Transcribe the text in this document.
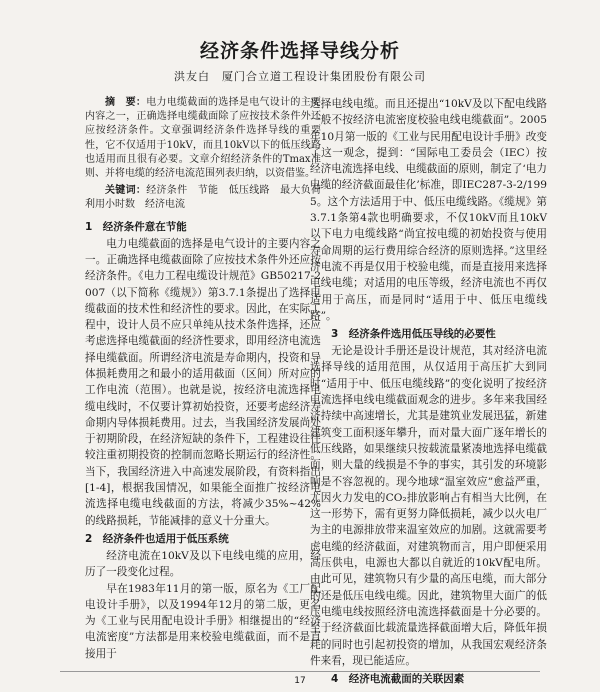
经济条件选择导线分析
洪友白　厦门合立道工程设计集团股份有限公司

摘　要：电力电缆截面的选择是电气设计的主要内容之一，正确选择电缆截面除了应按技术条件外还应按经济条件。文章强调经济条件选择导线的重要性，它不仅适用于10kV，而且10kV以下的低压线路也适用而且很有必要。文章介绍经济条件的Tmax准则、并将电缆的经济电流范围列表归纳，以资借鉴。

关键词：经济条件　节能　低压线路　最大负荷利用小时数　经济电流

1　经济条件意在节能

电力电缆截面的选择是电气设计的主要内容之一。正确选择电缆截面除了应按技术条件外还应按经济条件。《电力工程电缆设计规范》GB50217-2007（以下简称《缆规》）第3.7.1条提出了选择电缆截面的技术性和经济性的要求。因此，在实际工程中，设计人员不应只单纯从技术条件选择，还应考虑选择电缆截面的经济性要求，即用经济电流选择电缆截面。所谓经济电流是寿命期内，投资和导体损耗费用之和最小的适用截面（区间）所对应的工作电流（范围）。也就是说，按经济电流选择电缆电线时，不仅要计算初始投资，还要考虑经济寿命期内导体损耗费用。过去，当我国经济发展尚处于初期阶段，在经济短缺的条件下，工程建设往往较注重初期投资的控制而忽略长期运行的经济性。当下，我国经济进入中高速发展阶段，有资料指出[1-4]，根据我国情况，如果能全面推广按经济电流选择电缆电线截面的方法，将减少35%~42%的线路损耗，节能减排的意义十分重大。

2　经济条件也适用于低压系统

经济电流在10kV及以下电线电缆的应用，经历了一段变化过程。

早在1983年11月的第一版，原名为《工厂配电设计手册》，以及1994年12月的第二版，更名为《工业与民用配电设计手册》相继提出的“经济电流密度”方法都是用来校验电缆截面，而不是直接用于

选择电线电缆。而且还提出“10kV及以下配电线路一般不按经济电流密度校验电线电缆截面”。2005年10月第一版的《工业与民用配电设计手册》改变了这一观念，提到：“国际电工委员会（IEC）按经济电流选择电线、电缆截面的原则，制定了‘电力电缆的经济截面最佳化’标准，即IEC287-3-2/1995。这个方法适用于中、低压电缆线路。《缆规》第3.7.1条第4款也明确要求，不仅10kV而且10kV以下电力电缆线路“尚宜按电缆的初始投资与使用寿命周期的运行费用综合经济的原则选择。”这里经济电流不再是仅用于校验电缆，而是直接用来选择电线电缆；对适用的电压等级，经济电流也不再仅适用于高压，而是同时“适用于中、低压电缆线路”。

3　经济条件选用低压导线的必要性

无论是设计手册还是设计规范，其对经济电流选择导线的适用范围，从仅适用于高压扩大到同时“适用于中、低压电缆线路”的变化说明了按经济电流选择电线电缆截面观念的进步。多年来我国经济持续中高速增长，尤其是建筑业发展迅猛，新建建筑变工面积逐年攀升，而对量大面广逐年增长的低压线路，如果继续只按载流量紧凑地选择电缆截面，则大量的线损是不争的事实，其引发的环境影响是不容忽视的。现今地球“温室效应”愈益严重，尤因火力发电的CO₂排放影响占有相当大比例，在这一形势下，需有更努力降低损耗，减少以火电厂为主的电源排放带来温室效应的加剧。这就需要考虑电缆的经济截面，对建筑物而言，用户即便采用高压供电，电源也大都以自就近的10kV配电所。由此可见，建筑物只有少量的高压电缆，而大部分的还是低压电线电缆。因此，建筑物里大面广的低压电缆电线按照经济电流选择截面是十分必要的。至于经济截面比载流量选择截面增大后，降低年损耗的同时也引起初投资的增加，从我国宏观经济条件来看，现已能适应。

4　经济电流截面的关联因素
17
